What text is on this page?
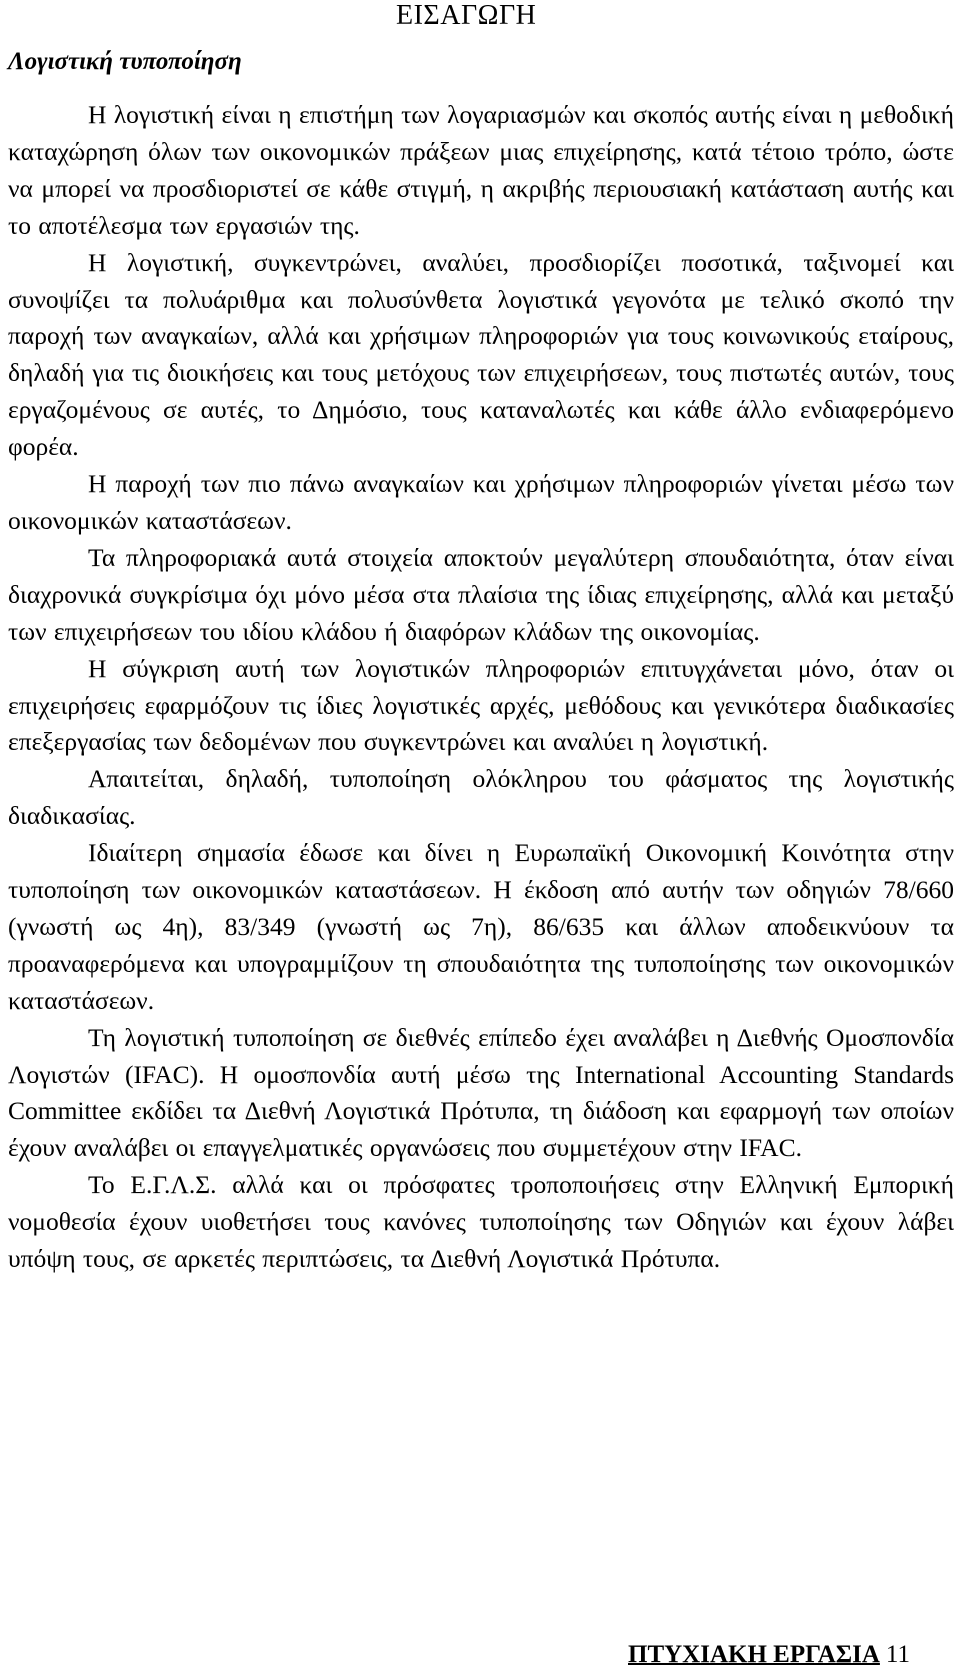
ΕΙΣΑΓΩΓΗ
Λογιστική τυποποίηση

Η λογιστική είναι η επιστήμη των λογαριασμών και σκοπός αυτής είναι η μεθοδική καταχώρηση όλων των οικονομικών πράξεων μιας επιχείρησης, κατά τέτοιο τρόπο, ώστε να μπορεί να προσδιοριστεί σε κάθε στιγμή, η ακριβής περιουσιακή κατάσταση αυτής και το αποτέλεσμα των εργασιών της.

Η λογιστική, συγκεντρώνει, αναλύει, προσδιορίζει ποσοτικά, ταξινομεί και συνοψίζει τα πολυάριθμα και πολυσύνθετα λογιστικά γεγονότα με τελικό σκοπό την παροχή των αναγκαίων, αλλά και χρήσιμων πληροφοριών για τους κοινωνικούς εταίρους, δηλαδή για τις διοικήσεις και τους μετόχους των επιχειρήσεων, τους πιστωτές αυτών, τους εργαζομένους σε αυτές, το Δημόσιο, τους καταναλωτές και κάθε άλλο ενδιαφερόμενο φορέα.

Η παροχή των πιο πάνω αναγκαίων και χρήσιμων πληροφοριών γίνεται μέσω των οικονομικών καταστάσεων.

Τα πληροφοριακά αυτά στοιχεία αποκτούν μεγαλύτερη σπουδαιότητα, όταν είναι διαχρονικά συγκρίσιμα όχι μόνο μέσα στα πλαίσια της ίδιας επιχείρησης, αλλά και μεταξύ των επιχειρήσεων του ιδίου κλάδου ή διαφόρων κλάδων της οικονομίας.

Η σύγκριση αυτή των λογιστικών πληροφοριών επιτυγχάνεται μόνο, όταν οι επιχειρήσεις εφαρμόζουν τις ίδιες λογιστικές αρχές, μεθόδους και γενικότερα διαδικασίες επεξεργασίας των δεδομένων που συγκεντρώνει και αναλύει η λογιστική.

Απαιτείται, δηλαδή, τυποποίηση ολόκληρου του φάσματος της λογιστικής διαδικασίας.

Ιδιαίτερη σημασία έδωσε και δίνει η Ευρωπαϊκή Οικονομική Κοινότητα στην τυποποίηση των οικονομικών καταστάσεων. Η έκδοση από αυτήν των οδηγιών 78/660 (γνωστή ως 4η), 83/349 (γνωστή ως 7η), 86/635 και άλλων αποδεικνύουν τα προαναφερόμενα και υπογραμμίζουν τη σπουδαιότητα της τυποποίησης των οικονομικών καταστάσεων.

Τη λογιστική τυποποίηση σε διεθνές επίπεδο έχει αναλάβει η Διεθνής Ομοσπονδία Λογιστών (IFAC). Η ομοσπονδία αυτή μέσω της International Accounting Standards Committee εκδίδει τα Διεθνή Λογιστικά Πρότυπα, τη διάδοση και εφαρμογή των οποίων έχουν αναλάβει οι επαγγελματικές οργανώσεις που συμμετέχουν στην IFAC.

Το Ε.Γ.Λ.Σ. αλλά και οι πρόσφατες τροποποιήσεις στην Ελληνική Εμπορική νομοθεσία έχουν υιοθετήσει τους κανόνες τυποποίησης των Οδηγιών και έχουν λάβει υπόψη τους, σε αρκετές περιπτώσεις, τα Διεθνή Λογιστικά Πρότυπα.

ΠΤΥΧΙΑΚΗ ΕΡΓΑΣΙΑ 11
